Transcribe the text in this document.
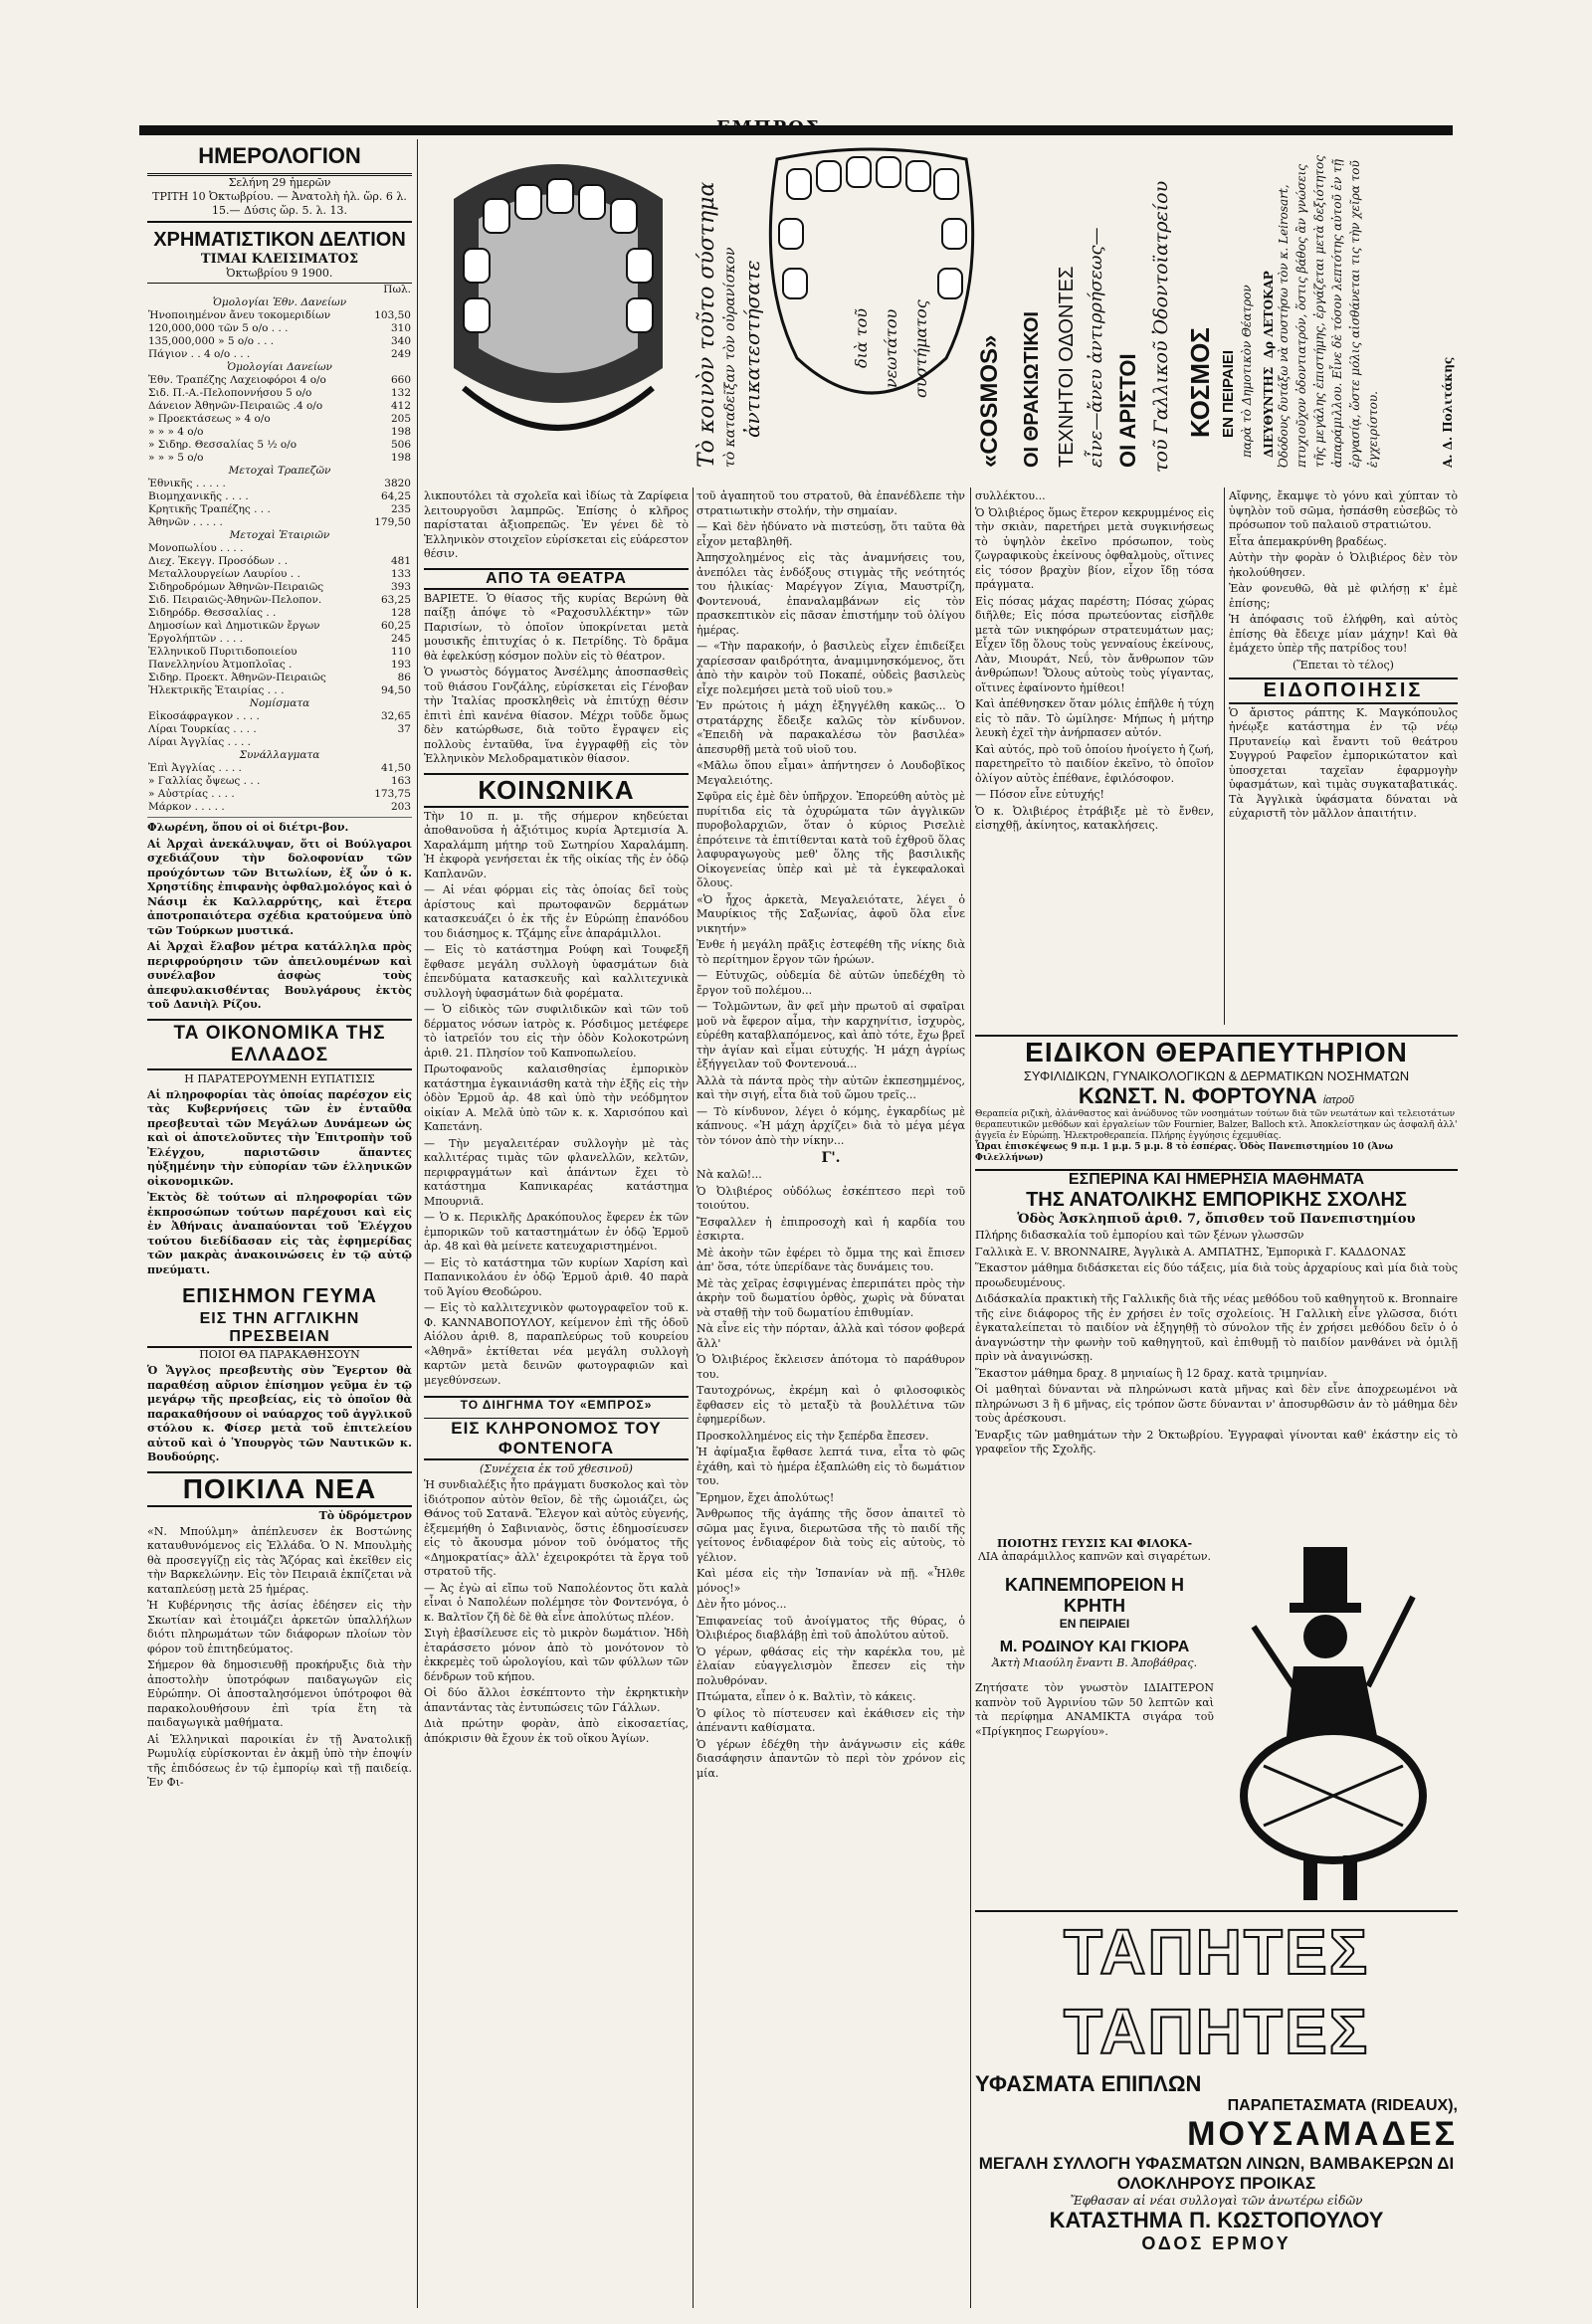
ΗΜΕΡΟΛΟΓΙΟΝ
Σελήνη 29 ἡμερῶν
ΤΡΙΤΗ 10 Ὀκτωβρίου. — Ἀνατολὴ ἡλ. ὥρ. 6 λ. 15.— Δύσις ὥρ. 5. λ. 13.
ΧΡΗΜΑΤΙΣΤΙΚΟΝ ΔΕΛΤΙΟΝ
ΤΙΜΑΙ ΚΛΕΙΣΙΜΑΤΟΣ
Ὀκτωβρίου 9 1900.
	Πωλ.
Ὁμολογίαι Ἐθν. Δανείων	
Ἠνοποιημένον ἄνευ τοκομεριδίων	103,50
120,000,000 τῶν 5 ο/ο . . .	310
135,000,000 » 5 ο/ο . . .	340
Πάγιον . . 4 ο/ο . . .	249
Ὁμολογίαι Δανείων	
Ἐθν. Τραπέζης Λαχειοφόροι 4 ο/ο	660
Σιδ. Π.-Α.-Πελοποννήσου 5 ο/ο	132
Δάνειον Ἀθηνῶν-Πειραιῶς .4 ο/ο	412
» Προεκτάσεως » 4 ο/ο	205
» » » 4 ο/ο	198
» Σιδηρ. Θεσσαλίας 5 ½ ο/ο	506
» » » 5 ο/ο	198
Μετοχαὶ Τραπεζῶν	
Ἐθνικῆς . . . . .	3820
Βιομηχανικῆς . . . .	64,25
Κρητικῆς Τραπέζης . . .	235
Ἀθηνῶν . . . . .	179,50
Μετοχαὶ Ἐταιριῶν	
Μονοπωλίου . . . .	
Διεχ. Ἐκεγγ. Προσόδων . .	481
Μεταλλουργείων Λαυρίου . .	133
Σιδηροδρόμων Ἀθηνῶν-Πειραιῶς	393
Σιδ. Πειραιῶς-Ἀθηνῶν-Πελοπον.	63,25
Σιδηρόδρ. Θεσσαλίας . .	128
Δημοσίων καὶ Δημοτικῶν ἔργων	60,25
Ἐργολήπτῶν . . . .	245
Ἑλληνικοῦ Πυριτιδοποιείου	110
Πανελληνίου Ἀτμοπλοΐας .	193
Σιδηρ. Προεκτ. Ἀθηνῶν-Πειραιῶς	86
Ἠλεκτρικῆς Ἑταιρίας . . .	94,50
Νομίσματα	
Εἰκοσάφραγκον . . . .	32,65
Λίραι Τουρκίας . . . .	37
Λίραι Ἀγγλίας . . . .	
Συνάλλαγματα	
Ἐπὶ Ἀγγλίας . . . .	41,50
» Γαλλίας ὄψεως . . .	163
» Αὐστρίας . . . .	173,75
Μάρκον . . . . .	203

Φλωρένη, ὅπου οἱ οἱ διέτρι-βον.

Αἱ Ἀρχαὶ ἀνεκάλυψαν, ὅτι οἱ Βούλγαροι σχεδιάζουν τὴν δολοφονίαν τῶν προύχόντων τῶν Βιτωλίων, ἐξ ὧν ὁ κ. Χρηστίδης ἐπιφανὴς ὀφθαλμολόγος καὶ ὁ Νάσιμ ἐκ Καλλαρρύτης, καὶ ἕτερα ἀποτροπαιότερα σχέδια κρατούμενα ὑπὸ τῶν Τούρκων μυστικά.

Αἱ Ἀρχαὶ ἔλαβον μέτρα κατάλληλα πρὸς περιφρούρησιν τῶν ἀπειλουμένων καὶ συνέλαβον ἀσφὼς τοὺς ἀπεφυλακισθέντας Βουλγάρους ἐκτὸς τοῦ Δανιὴλ Ρίζου.

ΤΑ ΟΙΚΟΝΟΜΙΚΑ ΤΗΣ ΕΛΛΑΔΟΣ
Η ΠΑΡΑΤΕΡΟΥΜΕΝΗ ΕΥΠΑΤΙΣΙΣ

Αἱ πληροφορίαι τὰς ὁποίας παρέσχον εἰς τὰς Κυβερνήσεις τῶν ἐν ἐνταῦθα πρεσβευταὶ τῶν Μεγάλων Δυνάμεων ὡς καὶ οἱ ἀποτελοῦντες τὴν Ἐπιτροπὴν τοῦ Ἐλέγχου, παριστῶσιν ἅπαντες ηὐξημένην τὴν εὐπορίαν τῶν ἑλληνικῶν οἰκονομικῶν.

Ἐκτὸς δὲ τούτων αἱ πληροφορίαι τῶν ἐκπροσώπων τούτων παρέχουσι καὶ εἰς ἐν Ἀθήναις ἀναπαύονται τοῦ Ἐλέγχου τούτου διεδίδασαν εἰς τὰς ἐφημερίδας τῶν μακρὰς ἀνακοινώσεις ἐν τῷ αὐτῷ πνεύματι.

ΕΠΙΣΗΜΟΝ ΓΕΥΜΑ
ΕΙΣ ΤΗΝ ΑΓΓΛΙΚΗΝ ΠΡΕΣΒΕΙΑΝ
ΠΟΙΟΙ ΘΑ ΠΑΡΑΚΑΘΗΣΟΥΝ

Ὁ Ἄγγλος πρεσβευτὴς σὺν Ἔγερτον θὰ παραθέσῃ αὔριον ἐπίσημον γεῦμα ἐν τῷ μεγάρῳ τῆς πρεσβείας, εἰς τὸ ὁποῖον θὰ παρακαθήσουν οἱ ναύαρχος τοῦ ἀγγλικοῦ στόλου κ. Φίσερ μετὰ τοῦ ἐπιτελείου αὐτοῦ καὶ ὁ Ὑπουργὸς τῶν Ναυτικῶν κ. Βουδούρης.

ΠΟΙΚΙΛΑ ΝΕΑ
Τὸ ὑδρόμετρον

«Ν. Μπούλμη» ἀπέπλευσεν ἐκ Βοστώνης καταυθυνόμενος εἰς Ἑλλάδα. Ὁ Ν. Μπουλμὴς θὰ προσεγγίζῃ εἰς τὰς Ἄζόρας καὶ ἐκεῖθεν εἰς τὴν Βαρκελώνην. Εἰς τὸν Πειραιᾶ ἐκπίζεται νὰ καταπλεύσῃ μετὰ 25 ἡμέρας.

Ἡ Κυβέρνησις τῆς ἀσίας ἐδέησεν εἰς τὴν Σκωτίαν καὶ ἐτοιμάζει ἀρκετῶν ὑπαλλήλων διότι πληρωμάτων τῶν διάφορων πλοίων τὸν φόρον τοῦ ἐπιτηδεύματος.

Σήμερον θὰ δημοσιευθῇ προκήρυξις διὰ τὴν ἀποστολὴν ὑποτρόφων παιδαγωγῶν εἰς Εὐρώπην. Οἱ ἀποσταλησόμενοι ὑπότροφοι θὰ παρακολουθήσουν ἐπὶ τρία ἔτη τὰ παιδαγωγικὰ μαθήματα.

Αἱ Ἑλληνικαὶ παροικίαι ἐν τῇ Ἀνατολικῇ Ρωμυλίᾳ εὑρίσκονται ἐν ἀκμῇ ὑπὸ τὴν ἐποψίν τῆς ἐπιδόσεως ἐν τῷ ἐμπορίῳ καὶ τῇ παιδείᾳ. Ἐν Φι-

Τὸ κοινὸν τοῦτο σύστημα τὸ καταδεῖξαν τὸν οὐρανίσκον ἀντικατεστήσατε	διὰ τοῦ νεωτάτου συστήματος «COSMOS» ΟΙ ΘΡΑΚΙΩΤΙΚΟΙ ΤΕΧΝΗΤΟΙ ΟΔΟΝΤΕΣ εἶνε—ἄνευ ἀντιρρήσεως— ΟΙ ΑΡΙΣΤΟΙ τοῦ Γαλλικοῦ Ὀδοντοϊατρείου ΚΟΣΜΟΣ ΕΝ ΠΕΙΡΑΙΕΙ παρὰ τὸ Δημοτικὸν Θέατρον ΔΙΕΥΘΥΝΤΗΣ  Δρ ΛΕΤΟΚΑΡ Ὀδόδους δυτάξω νὰ συστήσω τὸν κ. Leirosart, πτυχιοῦχον ὀδοντιατρόν, ὅστις βάθος ἂν γνώσεις τῆς μεγάλης ἐπιστήμης, ἐργάζεται μετὰ δεξιότητος ἀπαράμιλλου. Εἶνε δὲ τόσον λεπτότης αὐτοῦ ἐν τῇ ἐργασίᾳ, ὥστε μόλις αἰσθάνεται τις τὴν χεῖρα τοῦ ἐγχειρίστου.	Α. Δ. Πολιτάκης

λικπουτόλει τὰ σχολεῖα καὶ ἰδίως τὰ Ζαρίφεια λειτουργοῦσι λαμπρῶς. Ἐπίσης ὁ κλῆρος παρίσταται ἀξιοπρεπῶς. Ἐν γένει δὲ τὸ Ἑλληνικὸν στοιχεῖον εὑρίσκεται εἰς εὐάρεστον θέσιν.

ΑΠΟ ΤΑ ΘΕΑΤΡΑ

ΒΑΡΙΕΤΕ. Ὁ θίασος τῆς κυρίας Βερώνη θὰ παίξῃ ἀπόψε τὸ «Ραχοσυλλέκτην» τῶν Παρισίων, τὸ ὁποῖον ὑποκρίνεται μετὰ μουσικῆς ἐπιτυχίας ὁ κ. Πετρίδης. Τὸ δρᾶμα θὰ ἐφελκύσῃ κόσμον πολὺν εἰς τὸ θέατρον.

Ὁ γνωστὸς δόγματος Ἀνσέλμης ἀποσπασθεὶς τοῦ θιάσου Γονζάλης, εὑρίσκεται εἰς Γένοβαν τὴν Ἰταλίας προσκληθεὶς νὰ ἐπιτύχῃ θέσιν ἐπιτὶ ἐπὶ κανένα θίασον. Μέχρι τοῦδε ὅμως δὲν κατώρθωσε, διὰ τοῦτο ἔγραψεν εἰς πολλοὺς ἐνταῦθα, ἵνα ἐγγραφθῇ εἰς τὸν Ἑλληνικὸν Μελοδραματικὸν θίασον.

ΚΟΙΝΩΝΙΚΑ

Τὴν 10 π. μ. τῆς σήμερον κηδεύεται ἀποθανοῦσα ἡ ἀξιότιμος κυρία Ἀρτεμισία Ἀ. Χαραλάμπη μήτηρ τοῦ Σωτηρίου Χαραλάμπη. Ἡ ἐκφορὰ γενήσεται ἐκ τῆς οἰκίας τῆς ἐν ὁδῷ Καπλανῶν.

— Αἱ νέαι φόρμαι εἰς τὰς ὁποίας δεῖ τοὺς ἀρίστους καὶ πρωτοφανῶν δερμάτων κατασκευάζει ὁ ἐκ τῆς ἐν Εὐρώπῃ ἐπανόδου του διάσημος κ. Τζάμης εἶνε ἀπαράμιλλοι.

— Εἰς τὸ κατάστημα Ρούφη καὶ Τουφεξῆ ἔφθασε μεγάλη συλλογὴ ὑφασμάτων διὰ ἐπενδύματα κατασκευῆς καὶ καλλιτεχνικὰ συλλογὴ ὑφασμάτων διὰ φορέματα.

— Ὁ εἰδικὸς τῶν συφιλιδικῶν καὶ τῶν τοῦ δέρματος νόσων ἰατρὸς κ. Ρόσδιμος μετέφερε τὸ ἰατρεῖόν του εἰς τὴν ὁδὸν Κολοκοτρώνη ἀριθ. 21. Πλησίον τοῦ Καπνοπωλείου.

Πρωτοφανοῦς καλαισθησίας ἐμπορικὸν κατάστημα ἐγκαινιάσθη κατὰ τὴν ἑξῆς εἰς τὴν ὁδὸν Ἑρμοῦ ἀρ. 48 καὶ ὑπὸ τὴν νεόδμητον οἰκίαν Α. Μελᾶ ὑπὸ τῶν κ. κ. Χαρισόπου καὶ Καπετάνη.

— Τὴν μεγαλειτέραν συλλογὴν μὲ τὰς καλλιτέρας τιμὰς τῶν φλανελλῶν, κελτῶν, περιφραγμάτων καὶ ἁπάντων ἔχει τὸ κατάστημα Καπνικαρέας κατάστημα Μπουρνιᾶ.

— Ὁ κ. Περικλῆς Δρακόπουλος ἔφερεν ἐκ τῶν ἐμπορικῶν τοῦ καταστημάτων ἐν ὁδῷ Ἑρμοῦ ἀρ. 48 καὶ θὰ μείνετε κατευχαριστημένοι.

— Εἰς τὸ κατάστημα τῶν κυρίων Χαρίση καὶ Παπανικολάου ἐν ὁδῷ Ἑρμοῦ ἀριθ. 40 παρὰ τοῦ Ἁγίου Θεοδώρου.

— Εἰς τὸ καλλιτεχνικὸν φωτογραφεῖον τοῦ κ. Φ. ΚΑΝΝΑΒΟΠΟΥΛΟΥ, κείμενον ἐπὶ τῆς ὁδοῦ Αἰόλου ἀριθ. 8, παραπλεύρως τοῦ κουρείου «Ἀθηνᾶ» ἐκτίθεται νέα μεγάλη συλλογὴ καρτῶν μετὰ δεινῶν φωτογραφιῶν καὶ μεγεθύνσεων.

ΤΟ ΔΙΗΓΗΜΑ ΤΟΥ «ΕΜΠΡΟΣ»
ΕΙΣ ΚΛΗΡΟΝΟΜΟΣ ΤΟΥ ΦΟΝΤΕΝΟΓΑ
(Συνέχεια ἐκ τοῦ χθεσινοῦ)

Ἡ συνδιαλέξις ἦτο πράγματι δυσκολος καὶ τὸν ἰδιότροπον αὐτὸν θεῖον, δὲ τῆς ὡμοιάζει, ὡς Θάνος τοῦ Σατανᾶ. Ἔλεγον καὶ αὐτὸς εὐγενής, ἐξεμεμήθη ὁ Σαβινιανὸς, ὅστις ἐδημοσίευσεν εἰς τὸ ἄκουσμα μόνον τοῦ ὀνόματος τῆς «Δημοκρατίας» ἀλλ' ἐχειροκρότει τὰ ἔργα τοῦ στρατοῦ τῆς.

— Ἀς ἐγὼ αἱ εἴπω τοῦ Ναπολέοντος ὅτι καλὰ εἶναι ὁ Ναπολέων πολέμησε τὸν Φοντενόγα, ὁ κ. Βαλτῖον ζῆ δὲ δὲ θὰ εἶνε ἀπολύτως πλέον.

Σιγὴ ἐβασίλευσε εἰς τὸ μικρὸν δωμάτιον. Ἠδὴ ἐταράσσετο μόνον ἀπὸ τὸ μονότονον τὸ ἐκκρεμὲς τοῦ ὡρολογίου, καὶ τῶν φύλλων τῶν δένδρων τοῦ κήπου.

Οἱ δύο ἄλλοι ἐσκέπτοντο τὴν ἐκρηκτικὴν ἀπαντάντας τὰς ἐντυπώσεις τῶν Γάλλων.

Διὰ πρώτην φορὰν, ἀπὸ εἰκοσαετίας, ἀπόκρισιν θὰ ἔχουν ἐκ τοῦ οἴκου Ἁγίων.

τοῦ ἀγαπητοῦ του στρατοῦ, θὰ ἐπανέδλεπε τὴν στρατιωτικὴν στολήν, τὴν σημαίαν.

— Καὶ δὲν ἠδύνατο νὰ πιστεύσῃ, ὅτι ταῦτα θὰ εἶχον μεταβληθῆ.

Ἀπησχολημένος εἰς τὰς ἀναμνήσεις του, ἀνεπόλει τὰς ἐνδόξους στιγμὰς τῆς νεότητός του ἡλικίας· Μαρέγγον Ζίγια, Μαυστρίζη, Φοντενουά, ἐπαναλαμβάνων εἰς τὸν πρασκεπτικὸν εἰς πᾶσαν ἐπιστήμην τοῦ ὀλίγου ἡμέρας.

— «Τὴν παρακοήν, ὁ βασιλεὺς εἶχεν ἐπιδείξει χαρίεσσαν φαιδρότητα, ἀναμιμνησκόμενος, ὅτι ἀπὸ τὴν καιρὸν τοῦ Ποκαπέ, οὐδεὶς βασιλεὺς εἶχε πολεμήσει μετὰ τοῦ υἱοῦ του.»

Ἐν πρώτοις ἡ μάχη ἐξηγγέλθη κακῶς... Ὁ στρατάρχης ἔδειξε καλῶς τὸν κίνδυνον. «Ἐπειδὴ νὰ παρακαλέσω τὸν βασιλέα» ἀπεσυρθῇ μετὰ τοῦ υἱοῦ του.

«Μᾶλω ὅπου εἶμαι» ἀπήντησεν ὁ Λουδοβῖκος Μεγαλειότης.

Σφῦρα εἰς ἐμὲ δὲν ὑπῆρχον. Ἐπορεύθη αὐτὸς μὲ πυρίτιδα εἰς τὰ ὀχυρώματα τῶν ἀγγλικῶν πυροβολαρχιῶν, ὅταν ὁ κύριος Ρισελιὲ ἐπρότεινε τὰ ἐπιτίθενται κατὰ τοῦ ἐχθροῦ ὅλας λαφυραγωγοὺς μεθ' ὅλης τῆς βασιλικῆς Οἰκογενείας ὑπὲρ καὶ μὲ τὰ ἐγκεφαλοκαὶ ὅλους.

«Ὁ ἦχος ἀρκετὰ, Μεγαλειότατε, λέγει ὁ Μαυρίκιος τῆς Σαξωνίας, ἀφοῦ ὅλα εἶνε νικητήν»

Ἐνθε ἡ μεγάλη πρᾶξις ἐστεφέθη τῆς νίκης διὰ τὸ περίτημον ἔργον τῶν ἡρώων.

— Εὐτυχῶς, οὐδεμία δὲ αὐτῶν ὑπεδέχθη τὸ ἔργον τοῦ πολέμου...

— Τολμῶντων, ἂν φεῖ μὴν πρωτοῦ αἱ σφαῖραι μοῦ νὰ ἔφερον αἷμα, τὴν καρχηνίτισ, ἰσχυρὸς, εὑρέθη καταβλαπόμενος, καὶ ἀπὸ τότε, ἔχω βρεῖ τὴν ἀγίαν καὶ εἶμαι εὐτυχής. Ἡ μάχη ἀγρίως ἐξήγγειλαν τοῦ Φοντενουά...

Ἀλλὰ τὰ πάντα πρὸς τὴν αὐτῶν ἐκπεσημμένος, καὶ τὴν σιγή, εἶτα διὰ τοῦ ὥμου τρεῖς...

— Τὸ κίνδυνον, λέγει ὁ κόμης, ἐγκαρδίως μὲ κάπνους. «Ἡ μάχη ἀρχίζει» διὰ τὸ μέγα μέγα τὸν τόνον ἀπὸ τὴν νίκην...

Γ'.

Νὰ καλῶ!...

Ὁ Ὀλιβιέρος οὐδόλως ἐσκέπτεσο περὶ τοῦ τοιούτου.

Ἔσφαλλεν ἡ ἐπιπροσοχὴ καὶ ἡ καρδία του ἐσκιρτα.

Μὲ ἀκοὴν τῶν ἐφέρει τὸ ὄμμα της καὶ ἔπισεν ἀπ' ὅσα, τότε ὑπερίδανε τὰς δυνάμεις του.

Μὲ τὰς χεῖρας ἐσφιγμένας ἐπεριπάτει πρὸς τὴν ἀκρὴν τοῦ δωματίου ὀρθὸς, χωρὶς νὰ δύναται νὰ σταθῇ τὴν τοῦ δωματίου ἐπιθυμίαν.

Νὰ εἶνε εἰς τὴν πόρταν, ἀλλὰ καὶ τόσον φοβερά ἄλλ'

Ὁ Ὀλιβιέρος ἔκλεισεν ἀπότομα τὸ παράθυρον του.

Ταυτοχρόνως, ἐκρέμη καὶ ὁ φιλοσοφικὸς ἔφθασεν εἰς τὸ μεταξὺ τὰ βουλλέτινα τῶν ἐφημερίδων.

Προσκολλημένος εἰς τὴν ξεπέρδα ἔπεσεν.

Ἡ ἀφίμαξια ἔφθασε λεπτά τινα, εἶτα τὸ φῶς ἐχάθη, καὶ τὸ ἡμέρα ἐξαπλώθη εἰς τὸ δωμάτιον του.

Ἔρημον, ἔχει ἀπολύτως!

Ἄνθρωπος τῆς ἀγάπης τῆς ὅσον ἀπαιτεῖ τὸ σῶμα μας ἔγινα, διερωτῶσα τῆς τὸ παιδί τῆς γείτονος ἐνδιαφέρον διὰ τοὺς εἰς αὐτοὺς, τὸ γέλιον.

Καὶ μέσα εἰς τὴν Ἰσπανίαν νὰ πῇ. «Ἦλθε μόνος!»

Δὲν ἦτο μόνος...

Ἐπιφανείας τοῦ ἀνοίγματος τῆς θύρας, ὁ Ὀλιβιέρος διαβλάβῃ ἐπὶ τοῦ ἀπολύτου αὐτοῦ.

Ὁ γέρων, φθάσας εἰς τὴν καρέκλα του, μὲ ἐλαίαν εὐαγγελισμὸν ἔπεσεν εἰς τὴν πολυθρόναν.

Πτώματα, εἶπεν ὁ κ. Βαλτὶν, τὸ κάκεις.

Ὁ φίλος τὸ πίστευσεν καὶ ἐκάθισεν εἰς τὴν ἀπέναντι καθίσματα.

Ὁ γέρων ἐδέχθη τὴν ἀνάγνωσιν εἰς κάθε διασάφησιν ἀπαντῶν τὸ περὶ τὸν χρόνον εἰς μία.

συλλέκτου...

Ὁ Ὀλιβιέρος ὅμως ἕτερον κεκρυμμένος εἰς τὴν σκιὰν, παρετήρει μετὰ συγκινήσεως τὸ ὑψηλὸν ἐκεῖνο πρόσωπον, τοὺς ζωγραφικοὺς ἐκείνους ὀφθαλμοὺς, οἵτινες εἰς τόσον βραχὺν βίον, εἶχον ἴδῃ τόσα πράγματα.

Εἰς πόσας μάχας παρέστη; Πόσας χώρας διῆλθε; Εἰς πόσα πρωτεύοντας εἰσῆλθε μετὰ τῶν νικηφόρων στρατευμάτων μας; Εἶχεν ἴδῃ ὅλους τοὺς γενναίους ἐκείνους, Λὰν, Μιουράτ, Νεΰ, τὸν ἄνθρωπον τῶν ἀνθρώπων! Ὅλους αὐτοὺς τοὺς γίγαντας, οἵτινες ἐφαίνοντο ἡμίθεοι!

Καὶ ἀπέθνησκεν ὅταν μόλις ἐπῆλθε ἡ τύχη εἰς τὸ πᾶν. Τὸ ὡμίλησε· Μήπως ἡ μήτηρ λευκὴ ἐχεῖ τὴν ἀνήρπασεν αὐτόν.

Καὶ αὐτός, πρὸ τοῦ ὁποίου ἠνοίγετο ἡ ζωή, παρετηρεῖτο τὸ παιδίον ἐκεῖνο, τὸ ὁποῖον ὀλίγον αὐτὸς ἐπέθανε, ἐφιλόσοφον.

— Πόσον εἶνε εὐτυχής!

Ὁ κ. Ὀλιβιέρος ἐτράβιξε μὲ τὸ ἔνθεν, εἰσηχθῇ, ἀκίνητος, κατακλήσεις.

Αἴφνης, ἔκαμψε τὸ γόνυ καὶ χύπταν τὸ ὑψηλὸν τοῦ σῶμα, ἠσπάσθη εὐσεβῶς τὸ πρόσωπον τοῦ παλαιοῦ στρατιώτου.

Εἶτα ἀπεμακρύνθη βραδέως.

Αὐτὴν τὴν φορὰν ὁ Ὀλιβιέρος δὲν τὸν ἠκολούθησεν.

Ἐὰν φονευθῶ, θὰ μὲ φιλήσῃ κ' ἐμὲ ἐπίσης;

Ἡ ἀπόφασις τοῦ ἐλήφθη, καὶ αὐτὸς ἐπίσης θὰ ἔδειχε μίαν μάχην! Καὶ θὰ ἐμάχετο ὑπὲρ τῆς πατρίδος του!

(Ἕπεται τὸ τέλος)
ΕΙΔΟΠΟΙΗΣΙΣ

Ὁ ἄριστος ράπτης Κ. Μαγκόπουλος ἠνέῳξε κατάστημα ἐν τῷ νέῳ Πρυτανείῳ καὶ ἔναντι τοῦ θεάτρου Συγγρού Ραφεῖον ἐμπορικώτατον καὶ ὑποσχεται ταχεῖαν ἐφαρμογὴν ὑφασμάτων, καὶ τιμὰς συγκαταβατικάς. Τὰ Ἀγγλικὰ ὑφάσματα δύναται νὰ εὐχαριστῆ τὸν μᾶλλον ἀπαιτήτιν.

ΕΙΔΙΚΟΝ ΘΕΡΑΠΕΥΤΗΡΙΟΝ
ΣΥΦΙΛΙΔΙΚΩΝ, ΓΥΝΑΙΚΟΛΟΓΙΚΩΝ & ΔΕΡΜΑΤΙΚΩΝ ΝΟΣΗΜΑΤΩΝ
ΚΩΝΣΤ. Ν. ΦΟΡΤΟΥΝΑ ἰατροῦ
Θεραπεία ριζικὴ, ἀλάνθαστος καὶ ἀνώδυνος τῶν νοσημάτων τούτων διὰ τῶν νεωτάτων καὶ τελειοτάτων θεραπευτικῶν μεθόδων καὶ ἐργαλείων τῶν Fournier, Balzer, Balloch κτλ. Ἀποκλείστηκαν ὡς ἀσφαλῆ ἀλλ' ἀγγεῖα ἐν Εὐρώπῃ. Ἠλεκτροθεραπεία. Πλήρης ἐγγύησις ἐχεμυθίας.
Ὧραι ἐπισκέψεως 9 π.μ. 1 μ.μ. 5 μ.μ. 8 τὸ ἑσπέρας. Ὁδὸς Πανεπιστημίου 10 (Ἀνω Φιλελλήνων)
ΕΣΠΕΡΙΝΑ ΚΑΙ ΗΜΕΡΗΣΙΑ ΜΑΘΗΜΑΤΑ
ΤΗΣ ΑΝΑΤΟΛΙΚΗΣ ΕΜΠΟΡΙΚΗΣ ΣΧΟΛΗΣ
Ὁδὸς Ἀσκληπιοῦ ἀριθ. 7, ὄπισθεν τοῦ Πανεπιστημίου

Πλήρης διδασκαλία τοῦ ἐμπορίου καὶ τῶν ξένων γλωσσῶν

Γαλλικὰ E. V. BRONNAIRE, Ἀγγλικὰ Α. ΑΜΠΑΤΗΣ, Ἐμπορικὰ Γ. ΚΑΔΔΟΝΑΣ

Ἕκαστον μάθημα διδάσκεται εἰς δύο τάξεις, μία διὰ τοὺς ἀρχαρίους καὶ μία διὰ τοὺς προωδευμένους.

Διδάσκαλία πρακτικὴ τῆς Γαλλικῆς διὰ τῆς νέας μεθόδου τοῦ καθηγητοῦ κ. Bronnaire τῆς εἰνε διάφορος τῆς ἐν χρήσει ἐν τοῖς σχολείοις. Ἡ Γαλλικὴ εἶνε γλῶσσα, διότι ἐγκαταλείπεται τὸ παιδίον νὰ ἐξηγηθῇ τὸ σύνολον τῆς ἐν χρήσει μεθόδου δεῖν ὁ ὁ ἀναγνώστην τὴν φωνὴν τοῦ καθηγητοῦ, καὶ ἐπιθυμῇ τὸ παιδίον μανθάνει νὰ ὁμιλῇ πρὶν νὰ ἀναγινώσκῃ.

Ἕκαστον μάθημα δραχ. 8 μηνιαίως ἢ 12 δραχ. κατὰ τριμηνίαν.

Οἱ μαθηταὶ δύνανται νὰ πληρώνωσι κατὰ μῆνας καὶ δὲν εἶνε ἀποχρεωμένοι νὰ πληρώνωσι 3 ἢ 6 μῆνας, εἰς τρόπον ὥστε δύνανται ν' ἀποσυρθῶσιν ἀν τὸ μάθημα δὲν τοὺς ἀρέσκουσι.

Ἐναρξις τῶν μαθημάτων τὴν 2 Ὀκτωβρίου. Ἐγγραφαὶ γίνονται καθ' ἑκάστην εἰς τὸ γραφεῖον τῆς Σχολῆς.

ΠΟΙΟΤΗΣ ΓΕΥΣΙΣ ΚΑΙ ΦΙΛΟΚΑ-
ΛΙΑ ἀπαράμιλλος καπνῶν καὶ σιγαρέτων.
ΚΑΠΝΕΜΠΟΡΕΙΟΝ Η ΚΡΗΤΗ
ΕΝ ΠΕΙΡΑΙΕΙ
Μ. ΡΟΔΙΝΟΥ ΚΑΙ ΓΚΙΟΡΑ
Ἀκτὴ Μιαούλη ἔναντι Β. Ἀποβάθρας.

Ζητήσατε τὸν γνωστὸν ΙΔΙΑΙΤΕΡΟΝ καπνὸν τοῦ Ἀγρινίου τῶν 50 λεπτῶν καὶ τὰ περίφημα ΑΝΑΜΙΚΤΑ σιγάρα τοῦ «Πρίγκηπος Γεωργίου».

ΤΑΠΗΤΕΣ ΤΑΠΗΤΕΣ
ΥΦΑΣΜΑΤΑ ΕΠΙΠΛΩΝ
ΠΑΡΑΠΕΤΑΣΜΑΤΑ (RIDEAUX),
ΜΟΥΣΑΜΑΔΕΣ
ΜΕΓΑΛΗ ΣΥΛΛΟΓΗ ΥΦΑΣΜΑΤΩΝ ΛΙΝΩΝ, ΒΑΜΒΑΚΕΡΩΝ ΔΙ ΟΛΟΚΛΗΡΟΥΣ ΠΡΟΙΚΑΣ
Ἔφθασαν αἱ νέαι συλλογαὶ τῶν ἀνωτέρω εἰδῶν
ΚΑΤΑΣΤΗΜΑ Π. ΚΩΣΤΟΠΟΥΛΟΥ
ΟΔΟΣ ΕΡΜΟΥ
